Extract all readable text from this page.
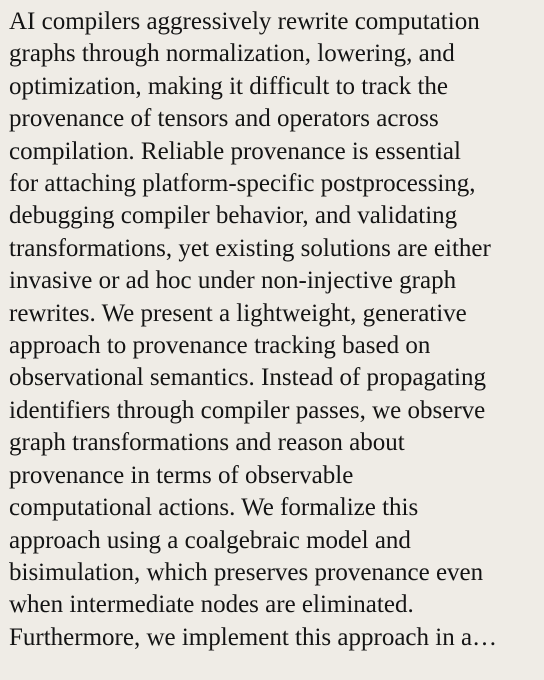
AI compilers aggressively rewrite computation
graphs through normalization, lowering, and
optimization, making it difficult to track the
provenance of tensors and operators across
compilation. Reliable provenance is essential
for attaching platform-specific postprocessing,
debugging compiler behavior, and validating
transformations, yet existing solutions are either
invasive or ad hoc under non-injective graph
rewrites. We present a lightweight, generative
approach to provenance tracking based on
observational semantics. Instead of propagating
identifiers through compiler passes, we observe
graph transformations and reason about
provenance in terms of observable
computational actions. We formalize this
approach using a coalgebraic model and
bisimulation, which preserves provenance even
when intermediate nodes are eliminated.
Furthermore, we implement this approach in a…
